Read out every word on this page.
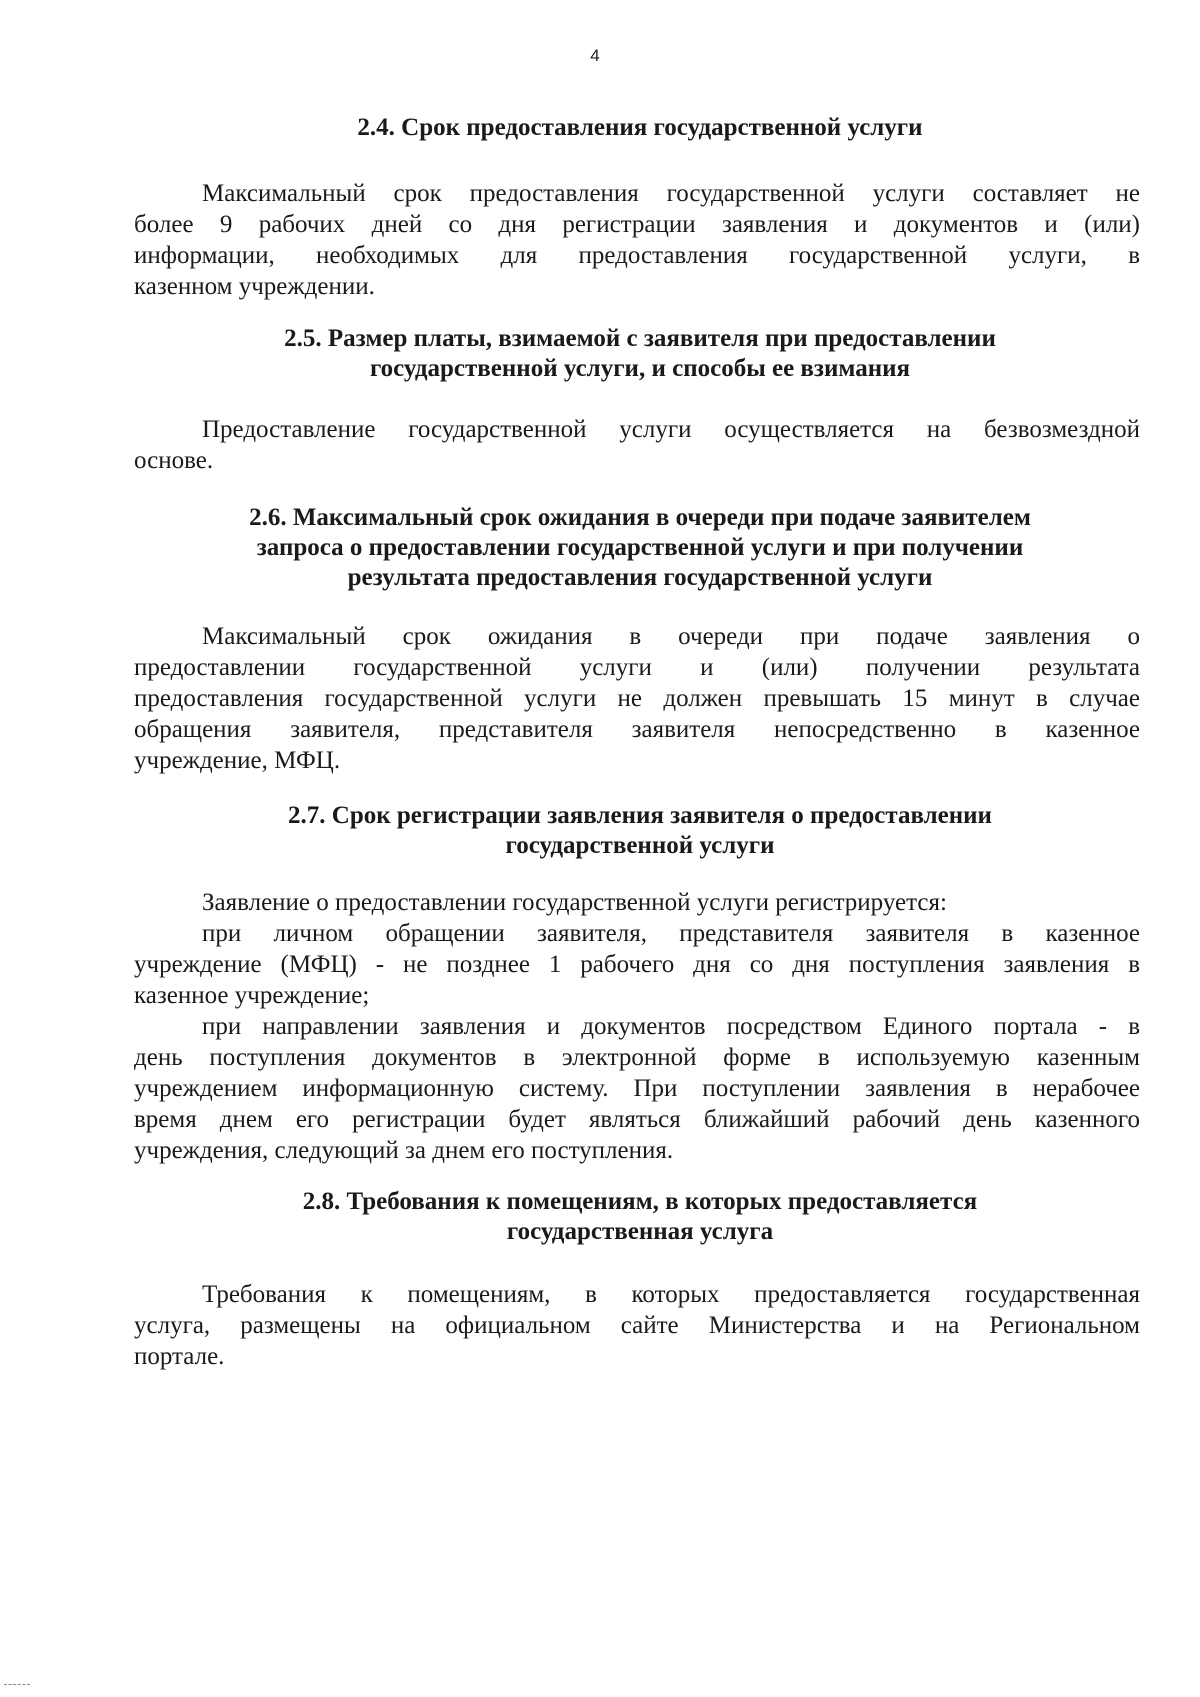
4
2.4. Срок предоставления государственной услуги
Максимальный срок предоставления государственной услуги составляет не
более 9 рабочих дней со дня регистрации заявления и документов и (или)
информации, необходимых для предоставления государственной услуги, в
казенном учреждении.
2.5. Размер платы, взимаемой с заявителя при предоставлении
государственной услуги, и способы ее взимания
Предоставление государственной услуги осуществляется на безвозмездной
основе.
2.6. Максимальный срок ожидания в очереди при подаче заявителем
запроса о предоставлении государственной услуги и при получении
результата предоставления государственной услуги
Максимальный срок ожидания в очереди при подаче заявления о
предоставлении государственной услуги и (или) получении результата
предоставления государственной услуги не должен превышать 15 минут в случае
обращения заявителя, представителя заявителя непосредственно в казенное
учреждение, МФЦ.
2.7. Срок регистрации заявления заявителя о предоставлении
государственной услуги
Заявление о предоставлении государственной услуги регистрируется:
при личном обращении заявителя, представителя заявителя в казенное
учреждение (МФЦ) - не позднее 1 рабочего дня со дня поступления заявления в
казенное учреждение;
при направлении заявления и документов посредством Единого портала - в
день поступления документов в электронной форме в используемую казенным
учреждением информационную систему. При поступлении заявления в нерабочее
время днем его регистрации будет являться ближайший рабочий день казенного
учреждения, следующий за днем его поступления.
2.8. Требования к помещениям, в которых предоставляется
государственная услуга
Требования к помещениям, в которых предоставляется государственная
услуга, размещены на официальном сайте Министерства и на Региональном
портале.
